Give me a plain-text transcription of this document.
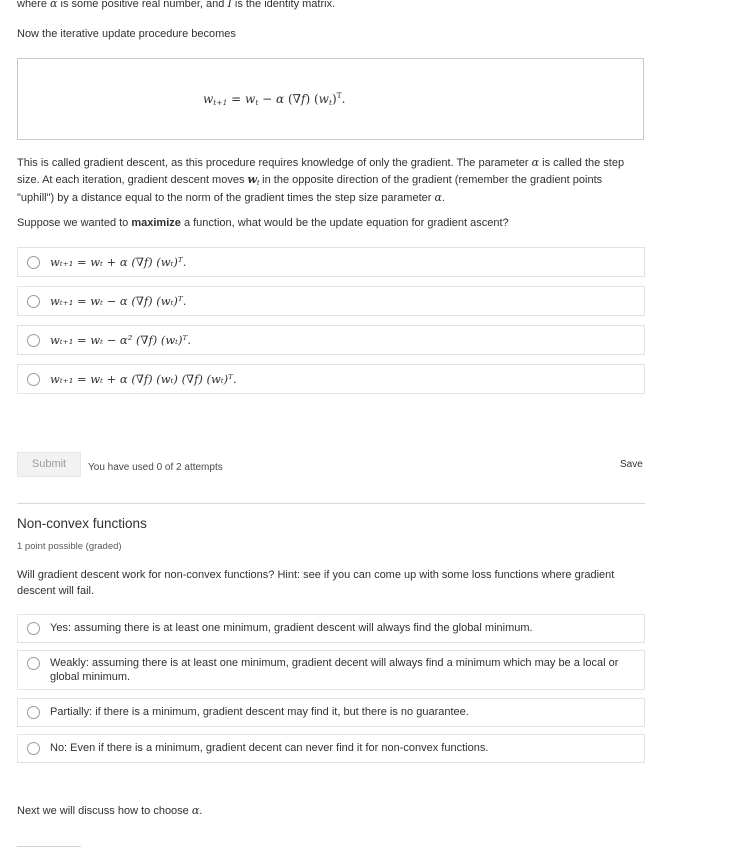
where α is some positive real number, and I is the identity matrix.
Now the iterative update procedure becomes
$w_{t+1} = w_t - \alpha$ (∇f) $(w_t)^T$.
This is called gradient descent, as this procedure requires knowledge of only the gradient. The parameter α is called the step size. At each iteration, gradient descent moves $w_t$ in the opposite direction of the gradient (remember the gradient points "uphill") by a distance equal to the norm of the gradient times the step size parameter α.
Suppose we wanted to maximize a function, what would be the update equation for gradient ascent?
wₜ₊₁ = wₜ + α (∇f) (wₜ)ᵀ.
wₜ₊₁ = wₜ − α (∇f) (wₜ)ᵀ.
wₜ₊₁ = wₜ − α² (∇f) (wₜ)ᵀ.
wₜ₊₁ = wₜ + α (∇f) (wₜ) (∇f) (wₜ)ᵀ.
Submit	You have used 0 of 2 attempts	Save
Non-convex functions
1 point possible (graded)
Will gradient descent work for non-convex functions? Hint: see if you can come up with some loss functions where gradient descent will fail.
Yes: assuming there is at least one minimum, gradient descent will always find the global minimum.
Weakly: assuming there is at least one minimum, gradient decent will always find a minimum which may be a local or global minimum.
Partially: if there is a minimum, gradient descent may find it, but there is no guarantee.
No: Even if there is a minimum, gradient decent can never find it for non-convex functions.
Next we will discuss how to choose α.
